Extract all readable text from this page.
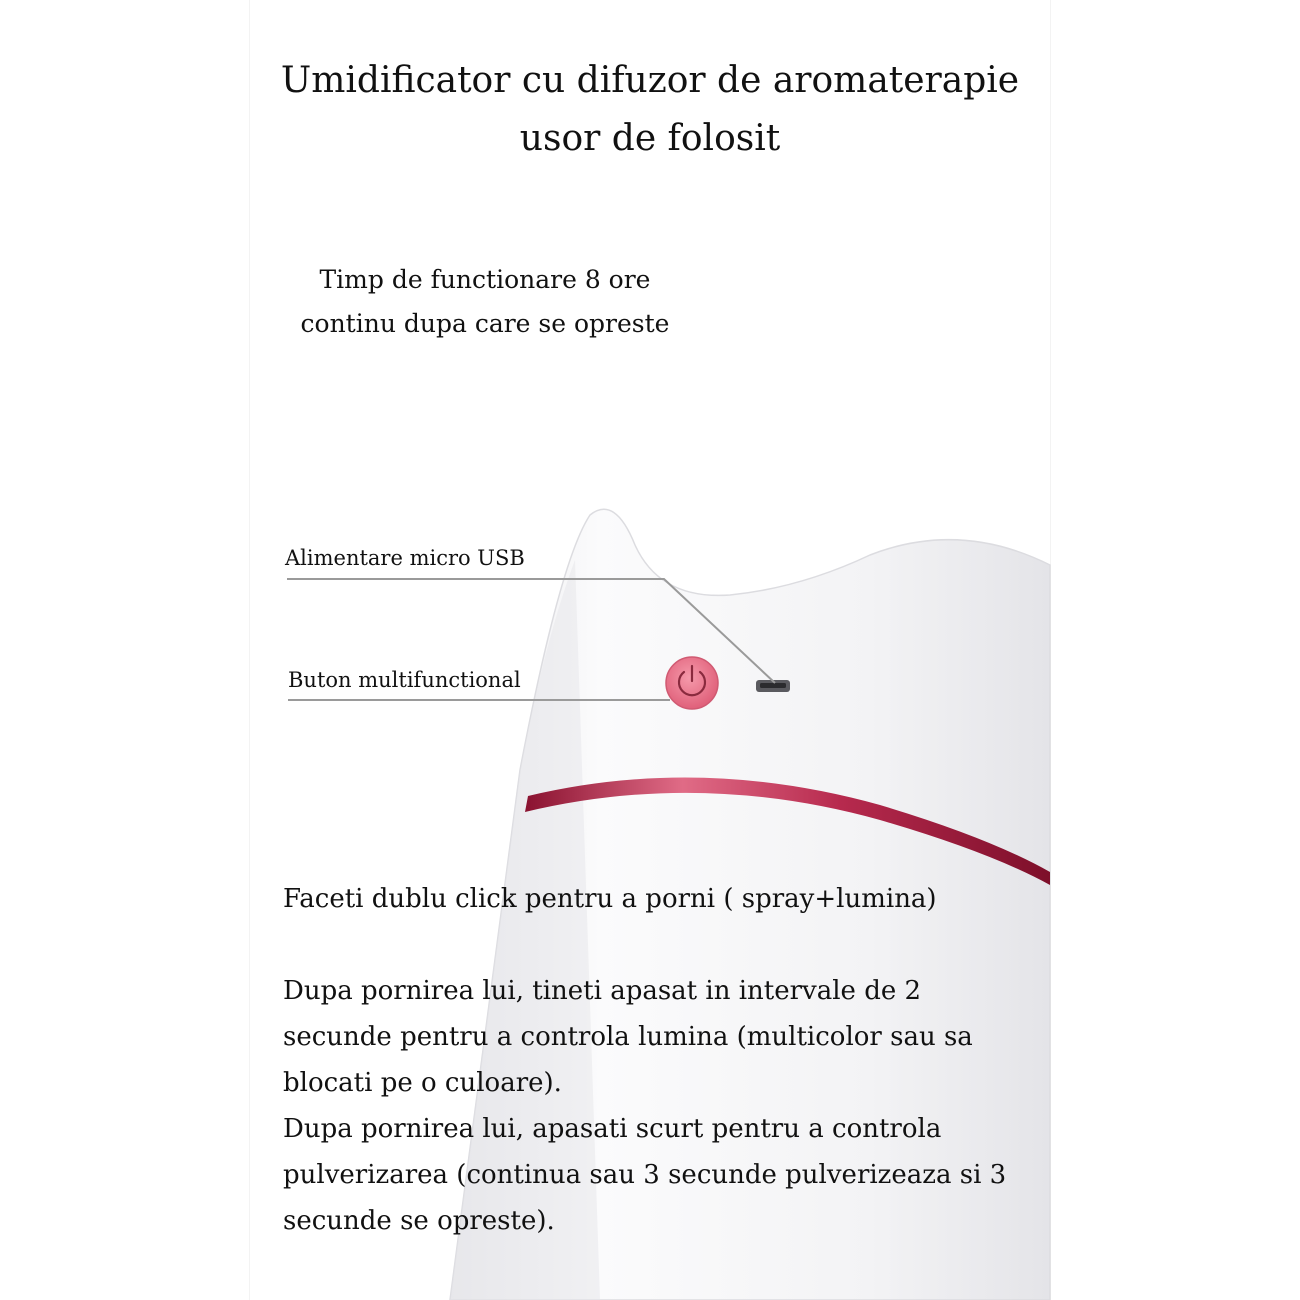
Umidificator cu difuzor de aromaterapie
usor de folosit
Timp de functionare 8 ore
continu dupa care se opreste
Alimentare micro USB
Buton multifunctional

Faceti dublu click pentru a porni ( spray+lumina)

Dupa pornirea lui, tineti apasat in intervale de 2

secunde pentru a controla lumina (multicolor sau sa

blocati pe o culoare).

Dupa pornirea lui, apasati scurt pentru a controla

pulverizarea (continua sau 3 secunde pulverizeaza si 3

secunde se opreste).
